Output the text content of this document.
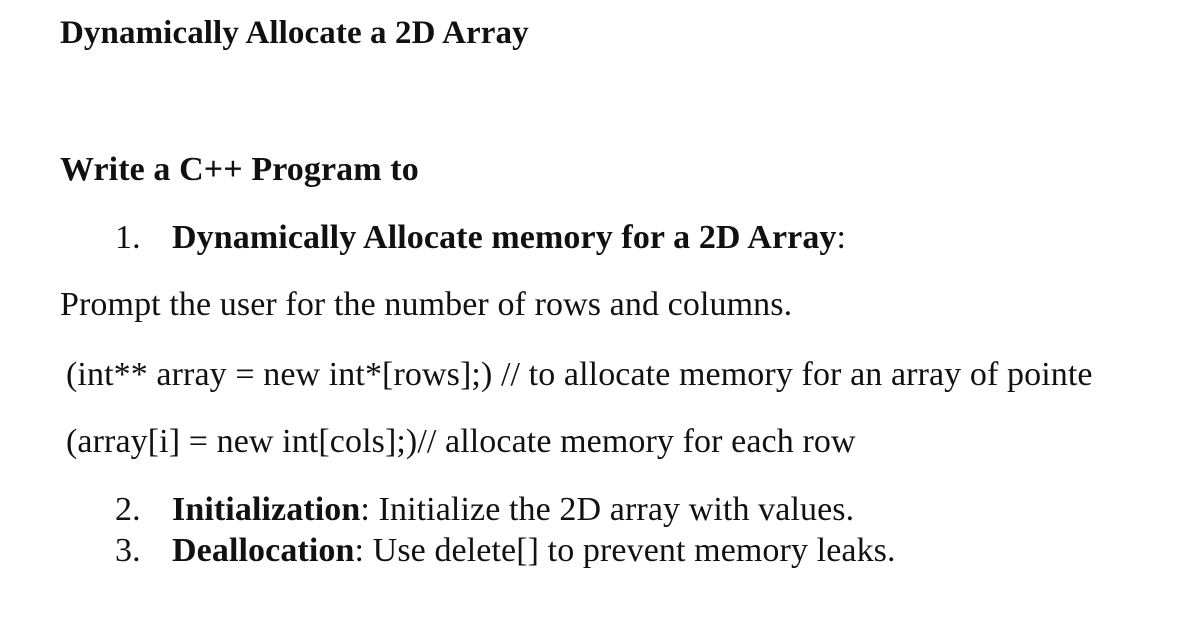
Dynamically Allocate a 2D Array
Write a C++ Program to
1. Dynamically Allocate memory for a 2D Array:
Prompt the user for the number of rows and columns.
(int** array = new int*[rows];) // to allocate memory for an array of pointe
(array[i] = new int[cols];)// allocate memory for each row
2. Initialization: Initialize the 2D array with values.
3. Deallocation: Use delete[] to prevent memory leaks.
